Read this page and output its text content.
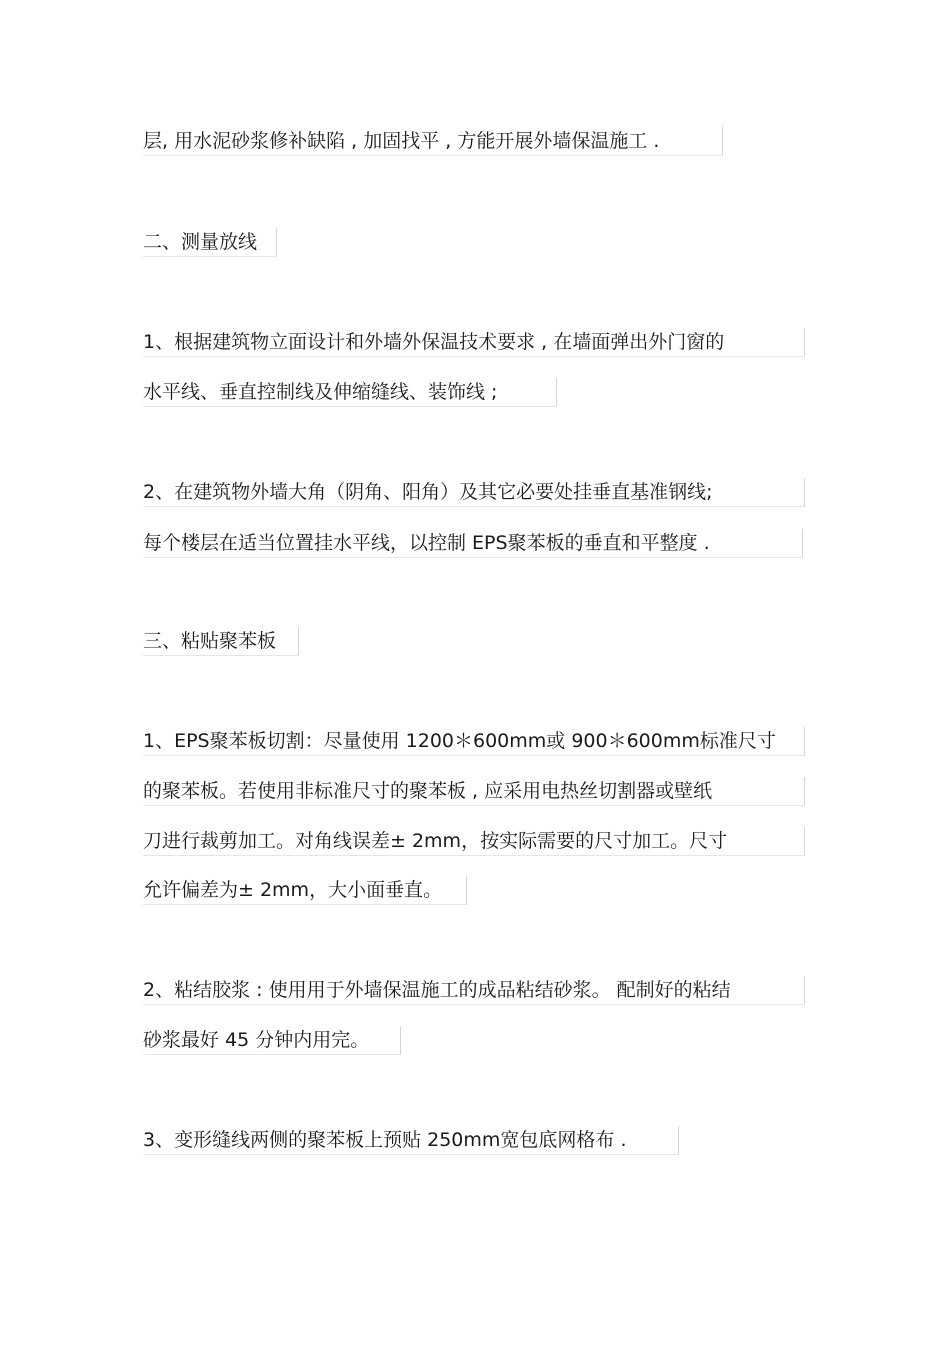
层, 用水泥砂浆修补缺陷 , 加固找平 , 方能开展外墙保温施工 .
二、测量放线
1、根据建筑物立面设计和外墙外保温技术要求 , 在墙面弹出外门窗的
水平线、垂直控制线及伸缩缝线、装饰线 ;
2、在建筑物外墙大角（阴角、阳角）及其它必要处挂垂直基准钢线;
每个楼层在适当位置挂水平线，以控制 EPS聚苯板的垂直和平整度 .
三、粘贴聚苯板
1、EPS聚苯板切割：尽量使用 1200＊600mm或 900＊600mm标准尺寸
的聚苯板。若使用非标准尺寸的聚苯板 , 应采用电热丝切割器或壁纸
刀进行裁剪加工。对角线误差± 2mm，按实际需要的尺寸加工。尺寸
允许偏差为± 2mm，大小面垂直。
2、粘结胶浆 : 使用用于外墙保温施工的成品粘结砂浆。 配制好的粘结
砂浆最好 45 分钟内用完。
3、变形缝线两侧的聚苯板上预贴 250mm宽包底网格布 .
